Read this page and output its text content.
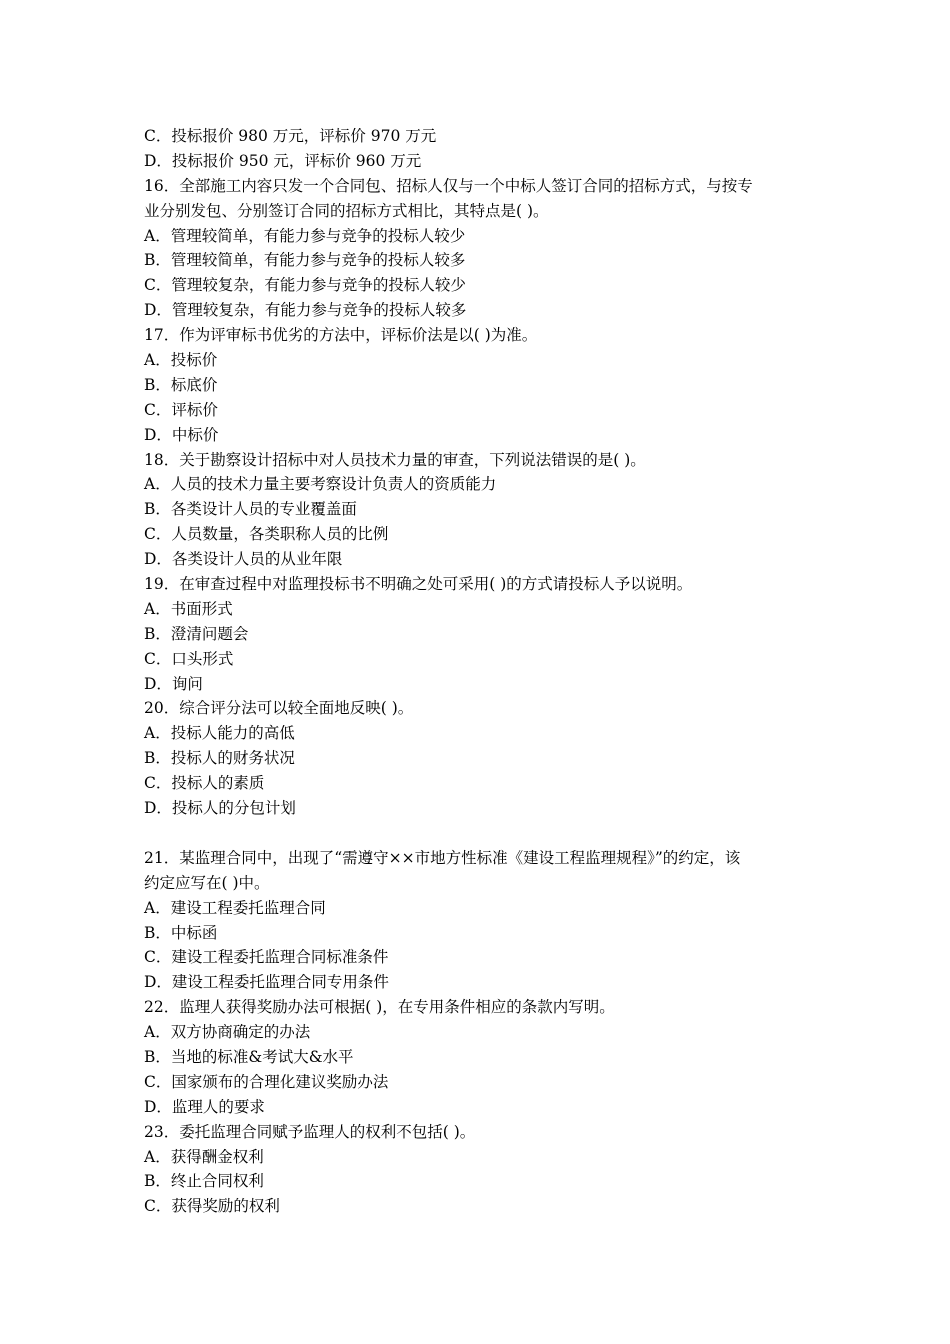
C．投标报价 980 万元，评标价 970 万元
D．投标报价 950 元，评标价 960 万元
16．全部施工内容只发一个合同包、招标人仅与一个中标人签订合同的招标方式，与按专
业分别发包、分别签订合同的招标方式相比，其特点是( )。
A．管理较简单，有能力参与竞争的投标人较少
B．管理较简单，有能力参与竞争的投标人较多
C．管理较复杂，有能力参与竞争的投标人较少
D．管理较复杂，有能力参与竞争的投标人较多
17．作为评审标书优劣的方法中，评标价法是以( )为准。
A．投标价
B．标底价
C．评标价
D．中标价
18．关于勘察设计招标中对人员技术力量的审查，下列说法错误的是( )。
A．人员的技术力量主要考察设计负责人的资质能力
B．各类设计人员的专业覆盖面
C．人员数量，各类职称人员的比例
D．各类设计人员的从业年限
19．在审查过程中对监理投标书不明确之处可采用( )的方式请投标人予以说明。
A．书面形式
B．澄清问题会
C．口头形式
D．询问
20．综合评分法可以较全面地反映( )。
A．投标人能力的高低
B．投标人的财务状况
C．投标人的素质
D．投标人的分包计划
21．某监理合同中，出现了“需遵守××市地方性标准《建设工程监理规程》”的约定，该
约定应写在( )中。
A．建设工程委托监理合同
B．中标函
C．建设工程委托监理合同标准条件
D．建设工程委托监理合同专用条件
22．监理人获得奖励办法可根据( )，在专用条件相应的条款内写明。
A．双方协商确定的办法
B．当地的标准&考试大&水平
C．国家颁布的合理化建议奖励办法
D．监理人的要求
23．委托监理合同赋予监理人的权利不包括( )。
A．获得酬金权利
B．终止合同权利
C．获得奖励的权利
